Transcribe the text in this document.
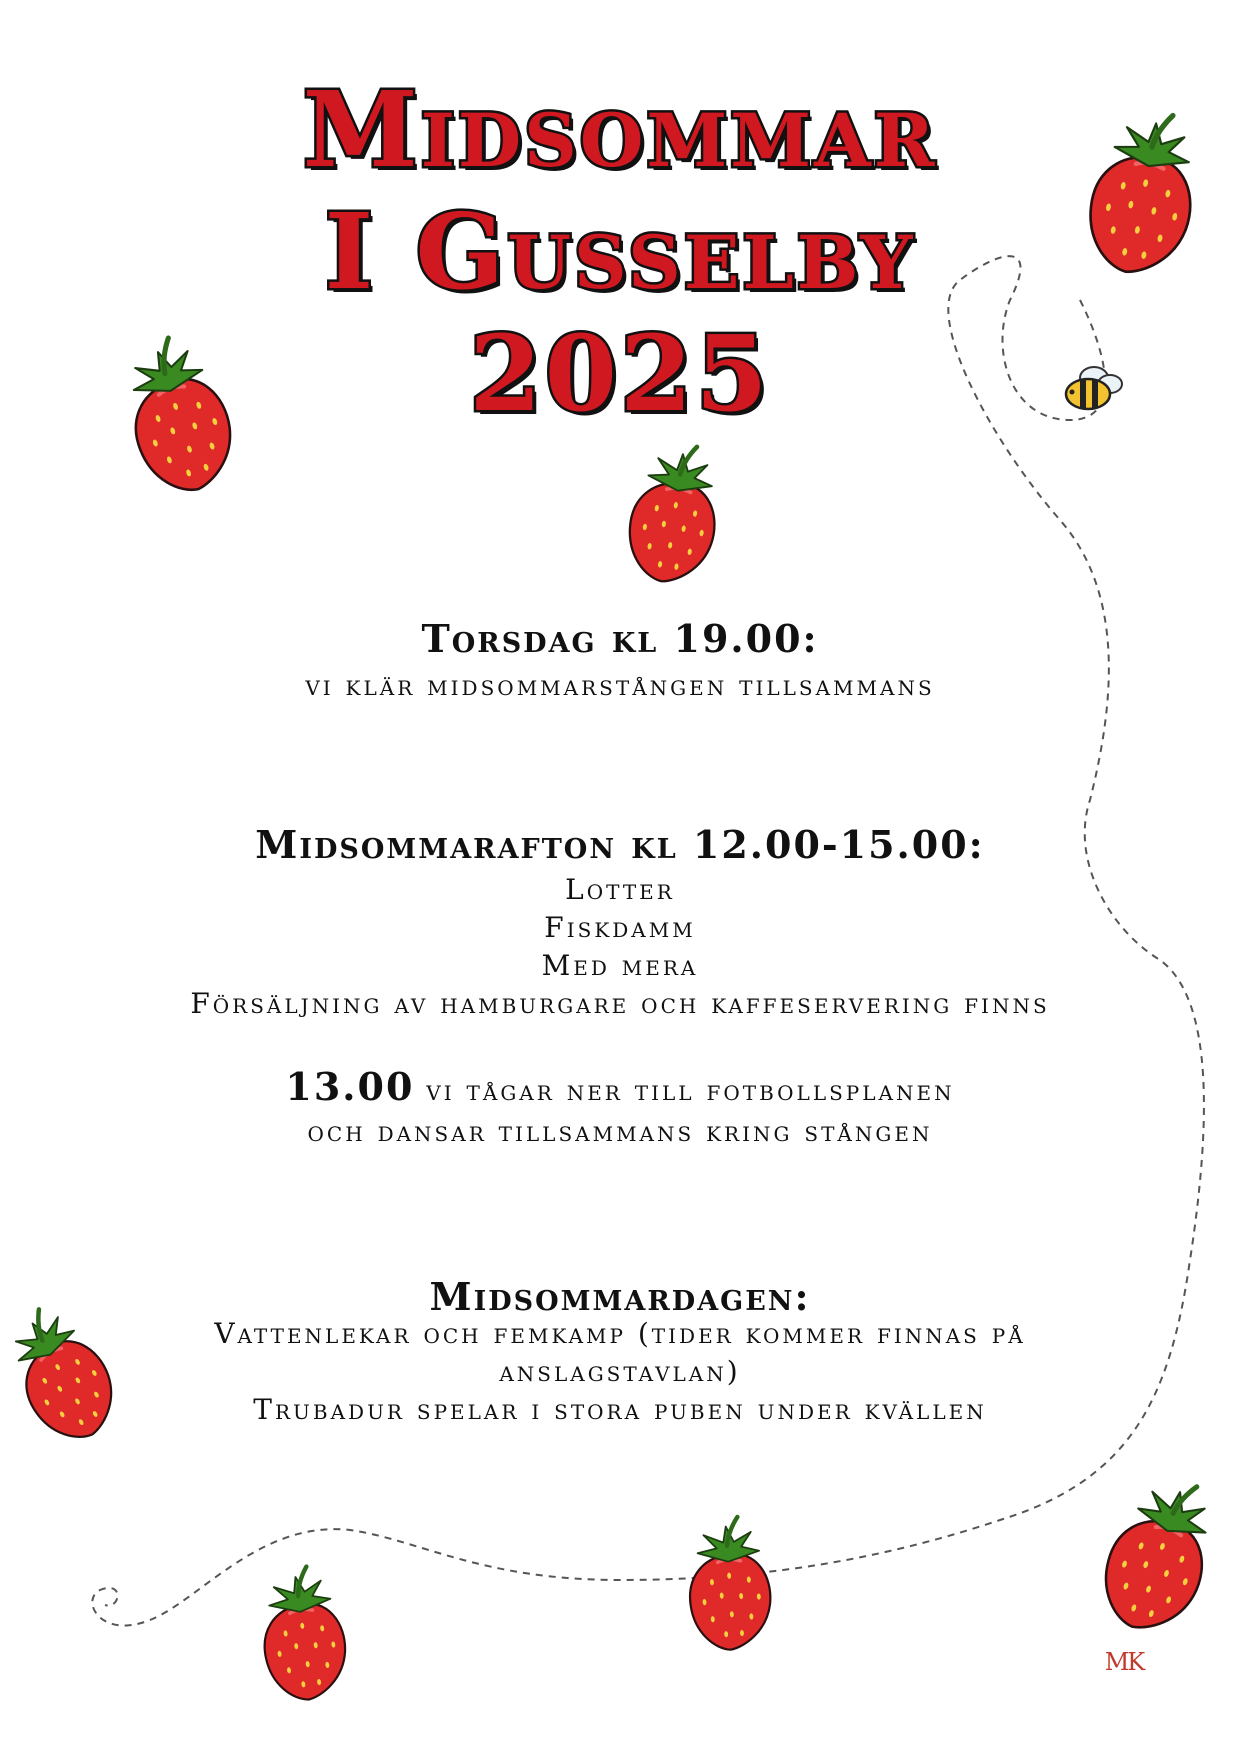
MK
Midsommar
I Gusselby
2025
Torsdag kl 19.00:
vi klär midsommarstången tillsammans
Midsommarafton kl 12.00-15.00:
Lotter
Fiskdamm
Med mera
Försäljning av hamburgare och kaffeservering finns
13.00 vi tågar ner till fotbollsplanen
och dansar tillsammans kring stången
Midsommardagen:
Vattenlekar och femkamp (tider kommer finnas på
anslagstavlan)
Trubadur spelar i stora puben under kvällen
